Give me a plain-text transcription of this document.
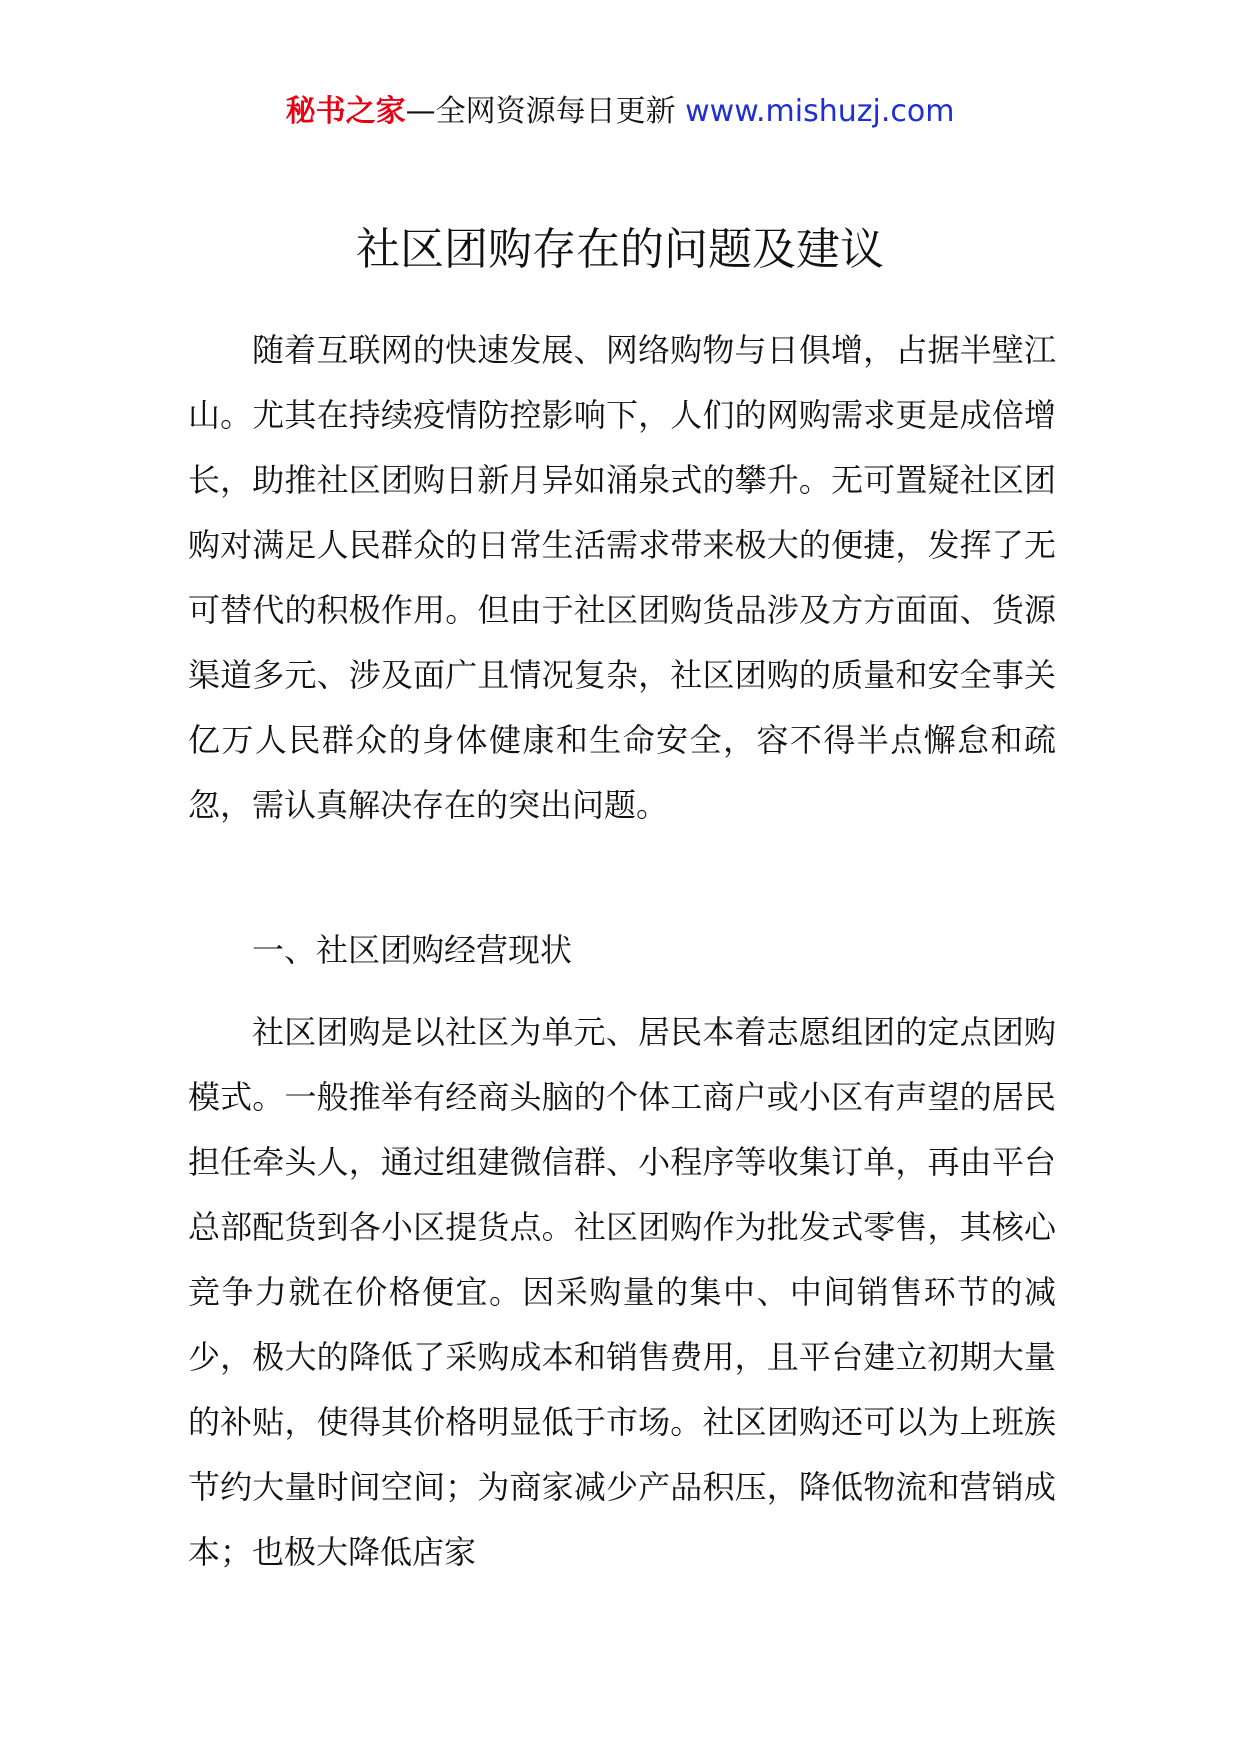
秘书之家—全网资源每日更新 www.mishuzj.com
社区团购存在的问题及建议

随着互联网的快速发展、网络购物与日俱增，占据半壁江山。尤其在持续疫情防控影响下，人们的网购需求更是成倍增长，助推社区团购日新月异如涌泉式的攀升。无可置疑社区团购对满足人民群众的日常生活需求带来极大的便捷，发挥了无可替代的积极作用。但由于社区团购货品涉及方方面面、货源渠道多元、涉及面广且情况复杂，社区团购的质量和安全事关亿万人民群众的身体健康和生命安全，容不得半点懈怠和疏忽，需认真解决存在的突出问题。

一、社区团购经营现状

社区团购是以社区为单元、居民本着志愿组团的定点团购模式。一般推举有经商头脑的个体工商户或小区有声望的居民担任牵头人，通过组建微信群、小程序等收集订单，再由平台总部配货到各小区提货点。社区团购作为批发式零售，其核心竞争力就在价格便宜。因采购量的集中、中间销售环节的减少，极大的降低了采购成本和销售费用，且平台建立初期大量的补贴，使得其价格明显低于市场。社区团购还可以为上班族节约大量时间空间；为商家减少产品积压，降低物流和营销成本；也极大降低店家
